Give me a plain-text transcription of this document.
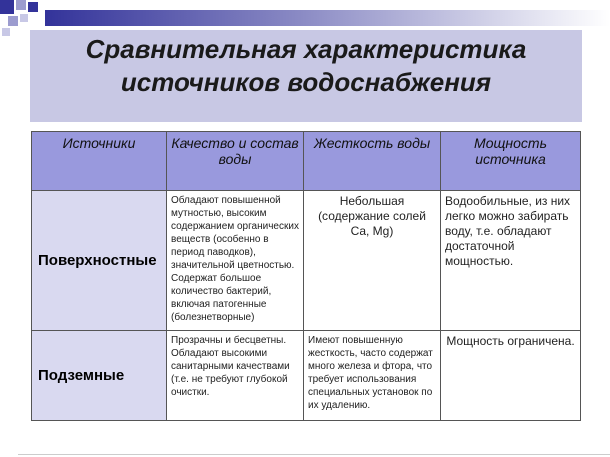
Сравнительная характеристика
источников водоснабжения
Источники	Качество и состав воды	Жесткость воды	Мощность источника
Поверхностные	Обладают повышенной мутностью, высоким содержанием органических веществ (особенно в период паводков), значительной цветностью. Содержат большое количество бактерий, включая патогенные (болезнетворные)	Небольшая (содержание солей Ca, Mg)	Водообильные, из них легко можно забирать воду, т.е. обладают достаточной мощностью.
Подземные	Прозрачны и бесцветны. Обладают высокими санитарными качествами (т.е. не требуют глубокой очистки.	Имеют повышенную жесткость, часто содержат много железа и фтора, что требует использования специальных установок по их удалению.	Мощность ограничена.
